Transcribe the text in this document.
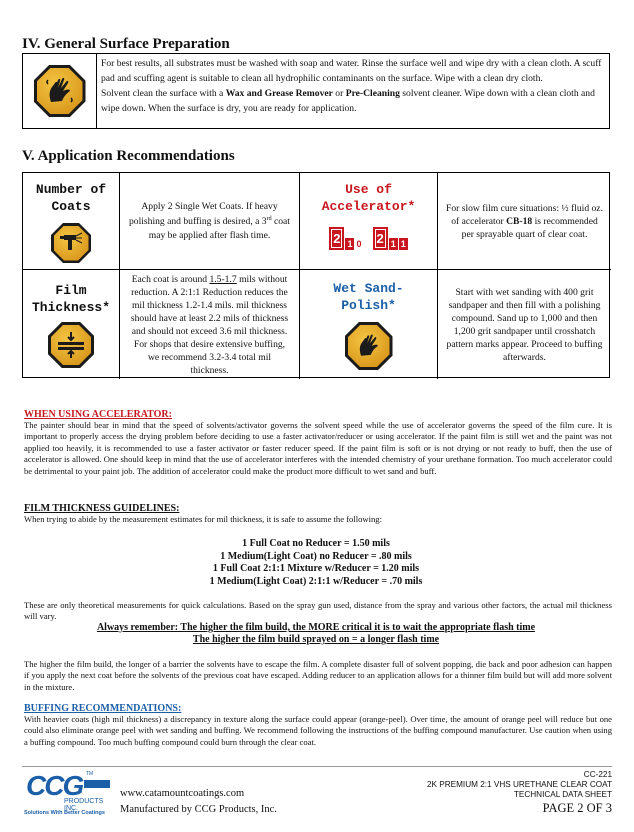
IV. General Surface Preparation

For best results, all substrates must be washed with soap and water. Rinse the surface well and wipe dry with a clean cloth. A scuff pad and scuffing agent is suitable to clean all hydrophilic contaminants on the surface. Wipe with a clean dry cloth.

Solvent clean the surface with a Wax and Grease Remover or Pre-Cleaning solvent cleaner. Wipe down with a clean cloth and wipe down. When the surface is dry, you are ready for application.

V. Application Recommendations
Number of
Coats	Apply 2 Single Wet Coats. If heavy polishing and buffing is desired, a 3rd coat may be applied after flash time.
Use of
Accelerator*
2 1 0	2 1 1
For slow film cure situations: ½ fluid oz. of accelerator CB-18 is recommended per sprayable quart of clear coat.
Film
Thickness*
Each coat is around 1.5-1.7 mils without reduction. A 2:1:1 Reduction reduces the mil thickness 1.2-1.4 mils. mil thickness should have at least 2.2 mils of thickness and should not exceed 3.6 mil thickness. For shops that desire extensive buffing, we recommend 3.2-3.4 total mil thickness.
Wet Sand-
Polish*
Start with wet sanding with 400 grit sandpaper and then fill with a polishing compound. Sand up to 1,000 and then 1,200 grit sandpaper until crosshatch pattern marks appear. Proceed to buffing afterwards.
WHEN USING ACCELERATOR:
The painter should bear in mind that the speed of solvents/activator governs the solvent speed while the use of accelerator governs the speed of the film cure. It is important to properly access the drying problem before deciding to use a faster activator/reducer or using accelerator. If the paint film is still wet and the paint was not applied too heavily, it is recommended to use a faster activator or faster reducer speed. If the paint film is soft or is not drying or not ready to buff, then the use of accelerator is allowed. One should keep in mind that the use of accelerator interferes with the intended chemistry of your urethane formation. Too much accelerator could be detrimental to your paint job. The addition of accelerator could make the product more difficult to wet sand and buff.
FILM THICKNESS GUIDELINES:
When trying to abide by the measurement estimates for mil thickness, it is safe to assume the following:
1 Full Coat no Reducer = 1.50 mils
1 Medium(Light Coat) no Reducer = .80 mils
1 Full Coat 2:1:1 Mixture w/Reducer = 1.20 mils
1 Medium(Light Coat) 2:1:1 w/Reducer = .70 mils
These are only theoretical measurements for quick calculations. Based on the spray gun used, distance from the spray and various other factors, the actual mil thickness will vary.
Always remember: The higher the film build, the MORE critical it is to wait the appropriate flash time
The higher the film build sprayed on = a longer flash time
The higher the film build, the longer of a barrier the solvents have to escape the film. A complete disaster full of solvent popping, die back and poor adhesion can happen if you apply the next coat before the solvents of the previous coat have escaped. Adding reducer to an application allows for a thinner film build but will add more solvent in the mixture.
BUFFING RECOMMENDATIONS:
With heavier coats (high mil thickness) a discrepancy in texture along the surface could appear (orange-peel). Over time, the amount of orange peel will reduce but one could also eliminate orange peel with wet sanding and buffing. We recommend following the instructions of the buffing compound manufacturer. Use caution when using a buffing compound. Too much buffing compound could burn through the clear coat.
CCG TM
PRODUCTS INC.
Solutions With Better Coatings
www.catamountcoatings.com
Manufactured by CCG Products, Inc.
CC-221
2K PREMIUM 2:1 VHS URETHANE CLEAR COAT
TECHNICAL DATA SHEET
PAGE 2 OF 3
